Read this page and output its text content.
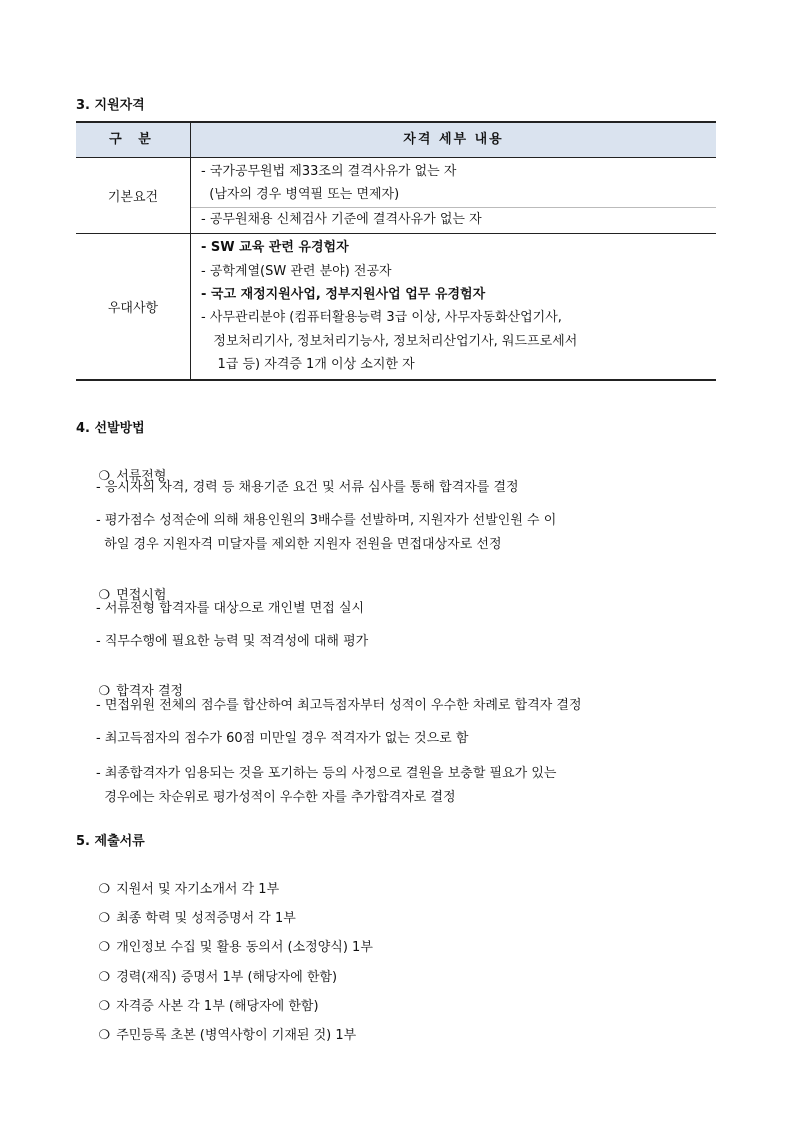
3. 지원자격
구 분	자격 세부 내용
기본요건
- 국가공무원법 제33조의 결격사유가 없는 자
(남자의 경우 병역필 또는 면제자)
- 공무원채용 신체검사 기준에 결격사유가 없는 자
우대사항
- SW 교육 관련 유경험자
- 공학계열(SW 관련 분야) 전공자
- 국고 재정지원사업, 정부지원사업 업무 유경험자
- 사무관리분야 (컴퓨터활용능력 3급 이상, 사무자동화산업기사,
정보처리기사, 정보처리기능사, 정보처리산업기사, 워드프로세서
1급 등) 자격증 1개 이상 소지한 자
4. 선발방법

❍ 서류전형

- 응시자의 자격, 경력 등 채용기준 요건 및 서류 심사를 통해 합격자를 결정
- 평가점수 성적순에 의해 채용인원의 3배수를 선발하며, 지원자가 선발인원 수 이
하일 경우 지원자격 미달자를 제외한 지원자 전원을 면접대상자로 선정

❍ 면접시험

- 서류전형 합격자를 대상으로 개인별 면접 실시
- 직무수행에 필요한 능력 및 적격성에 대해 평가

❍ 합격자 결정

- 면접위원 전체의 점수를 합산하여 최고득점자부터 성적이 우수한 차례로 합격자 결정
- 최고득점자의 점수가 60점 미만일 경우 적격자가 없는 것으로 함
- 최종합격자가 임용되는 것을 포기하는 등의 사정으로 결원을 보충할 필요가 있는
경우에는 차순위로 평가성적이 우수한 자를 추가합격자로 결정
5. 제출서류

❍ 지원서 및 자기소개서 각 1부

❍ 최종 학력 및 성적증명서 각 1부

❍ 개인정보 수집 및 활용 동의서 (소정양식) 1부

❍ 경력(재직) 증명서 1부 (해당자에 한함)

❍ 자격증 사본 각 1부 (해당자에 한함)

❍ 주민등록 초본 (병역사항이 기재된 것) 1부
